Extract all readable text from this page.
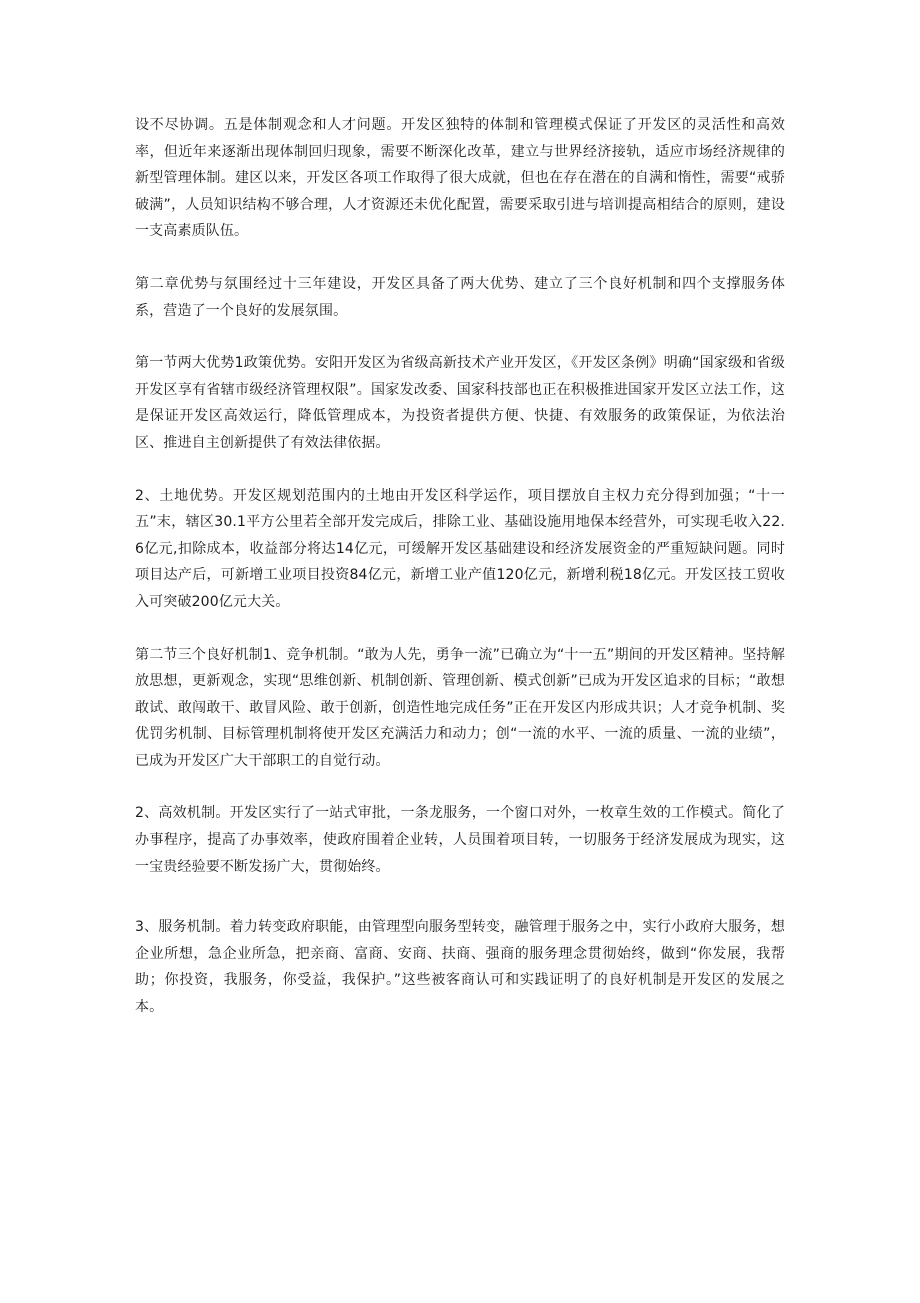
设不尽协调。五是体制观念和人才问题。开发区独特的体制和管理模式保证了开发区的灵活性和高效率，但近年来逐渐出现体制回归现象，需要不断深化改革，建立与世界经济接轨，适应市场经济规律的新型管理体制。建区以来，开发区各项工作取得了很大成就，但也在存在潜在的自满和惰性，需要“戒骄破满”，人员知识结构不够合理，人才资源还未优化配置，需要采取引进与培训提高相结合的原则，建设一支高素质队伍。

第二章优势与氛围经过十三年建设，开发区具备了两大优势、建立了三个良好机制和四个支撑服务体系，营造了一个良好的发展氛围。

第一节两大优势1政策优势。安阳开发区为省级高新技术产业开发区，《开发区条例》明确“国家级和省级开发区享有省辖市级经济管理权限”。国家发改委、国家科技部也正在积极推进国家开发区立法工作，这是保证开发区高效运行，降低管理成本，为投资者提供方便、快捷、有效服务的政策保证，为依法治区、推进自主创新提供了有效法律依据。

2、土地优势。开发区规划范围内的土地由开发区科学运作，项目摆放自主权力充分得到加强；“十一五”末，辖区30.1平方公里若全部开发完成后，排除工业、基础设施用地保本经营外，可实现毛收入22.6亿元,扣除成本，收益部分将达14亿元，可缓解开发区基础建设和经济发展资金的严重短缺问题。同时项目达产后，可新增工业项目投资84亿元，新增工业产值120亿元，新增利税18亿元。开发区技工贸收入可突破200亿元大关。

第二节三个良好机制1、竞争机制。“敢为人先，勇争一流”已确立为“十一五”期间的开发区精神。坚持解放思想，更新观念，实现“思维创新、机制创新、管理创新、模式创新”已成为开发区追求的目标；“敢想敢试、敢闯敢干、敢冒风险、敢于创新，创造性地完成任务”正在开发区内形成共识；人才竞争机制、奖优罚劣机制、目标管理机制将使开发区充满活力和动力；创“一流的水平、一流的质量、一流的业绩”，已成为开发区广大干部职工的自觉行动。

2、高效机制。开发区实行了一站式审批，一条龙服务，一个窗口对外，一枚章生效的工作模式。简化了办事程序，提高了办事效率，使政府围着企业转，人员围着项目转，一切服务于经济发展成为现实，这一宝贵经验要不断发扬广大，贯彻始终。

3、服务机制。着力转变政府职能，由管理型向服务型转变，融管理于服务之中，实行小政府大服务，想企业所想，急企业所急，把亲商、富商、安商、扶商、强商的服务理念贯彻始终，做到“你发展，我帮助；你投资，我服务，你受益，我保护。”这些被客商认可和实践证明了的良好机制是开发区的发展之本。
